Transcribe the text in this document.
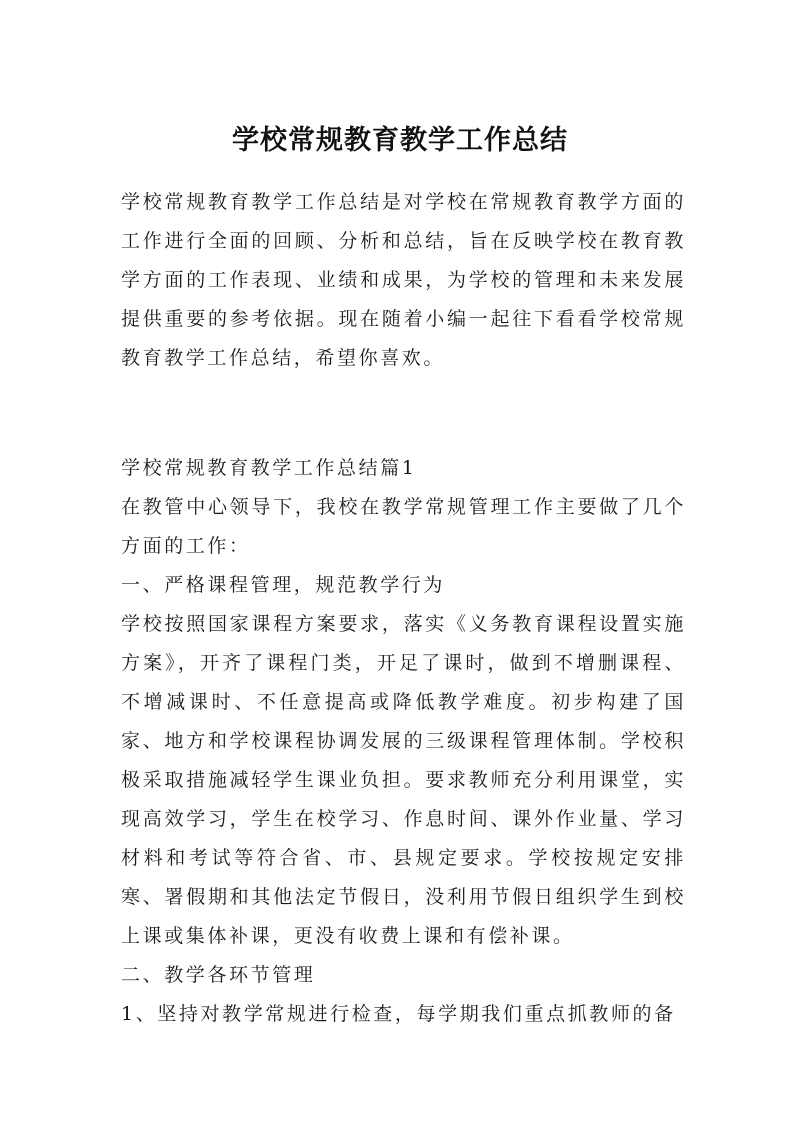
学校常规教育教学工作总结

学校常规教育教学工作总结是对学校在常规教育教学方面的工作进行全面的回顾、分析和总结，旨在反映学校在教育教学方面的工作表现、业绩和成果，为学校的管理和未来发展提供重要的参考依据。现在随着小编一起往下看看学校常规教育教学工作总结，希望你喜欢。

学校常规教育教学工作总结篇1

在教管中心领导下，我校在教学常规管理工作主要做了几个方面的工作：

一、严格课程管理，规范教学行为

学校按照国家课程方案要求，落实《义务教育课程设置实施方案》，开齐了课程门类，开足了课时，做到不增删课程、不增减课时、不任意提高或降低教学难度。初步构建了国家、地方和学校课程协调发展的三级课程管理体制。学校积极采取措施减轻学生课业负担。要求教师充分利用课堂，实现高效学习，学生在校学习、作息时间、课外作业量、学习材料和考试等符合省、市、县规定要求。学校按规定安排寒、署假期和其他法定节假日，没利用节假日组织学生到校上课或集体补课，更没有收费上课和有偿补课。

二、教学各环节管理

1、坚持对教学常规进行检查，每学期我们重点抓教师的备
